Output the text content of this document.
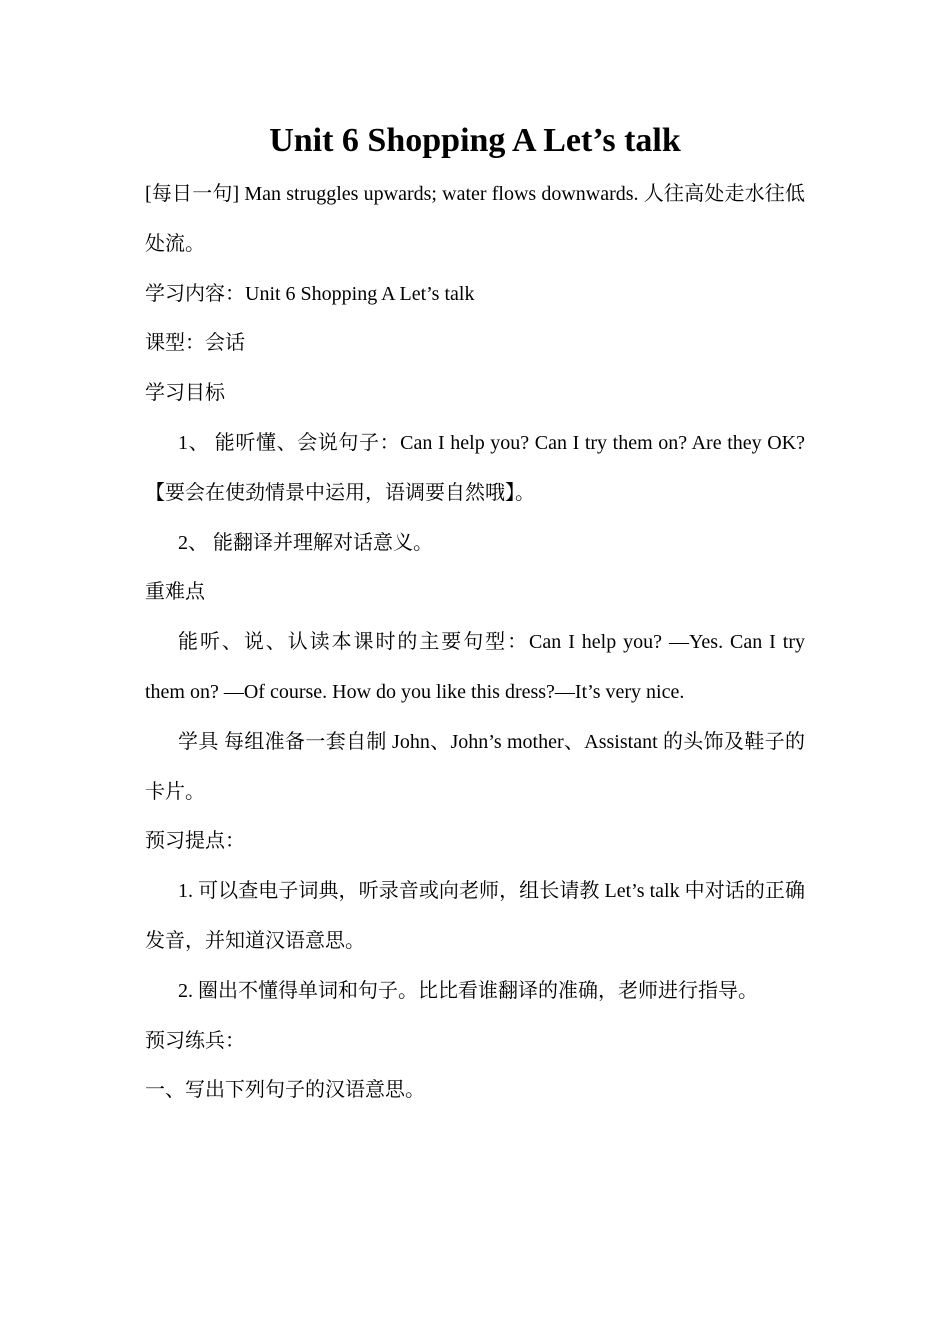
Unit 6 Shopping A Let’s talk

[每日一句] Man struggles upwards; water flows downwards. 人往高处走水往低处流。

学习内容：Unit 6 Shopping A Let’s talk

课型：会话

学习目标

1、 能听懂、会说句子：Can I help you? Can I try them on? Are they OK? 【要会在使劲情景中运用，语调要自然哦】。

2、 能翻译并理解对话意义。

重难点

能听、说、认读本课时的主要句型：Can I help you? —Yes. Can I try them on? —Of course. How do you like this dress?—It’s very nice.

学具 每组准备一套自制 John、John’s mother、Assistant 的头饰及鞋子的卡片。

预习提点：

1. 可以查电子词典，听录音或向老师，组长请教 Let’s talk 中对话的正确发音，并知道汉语意思。

2. 圈出不懂得单词和句子。比比看谁翻译的准确，老师进行指导。

预习练兵：

一、写出下列句子的汉语意思。
